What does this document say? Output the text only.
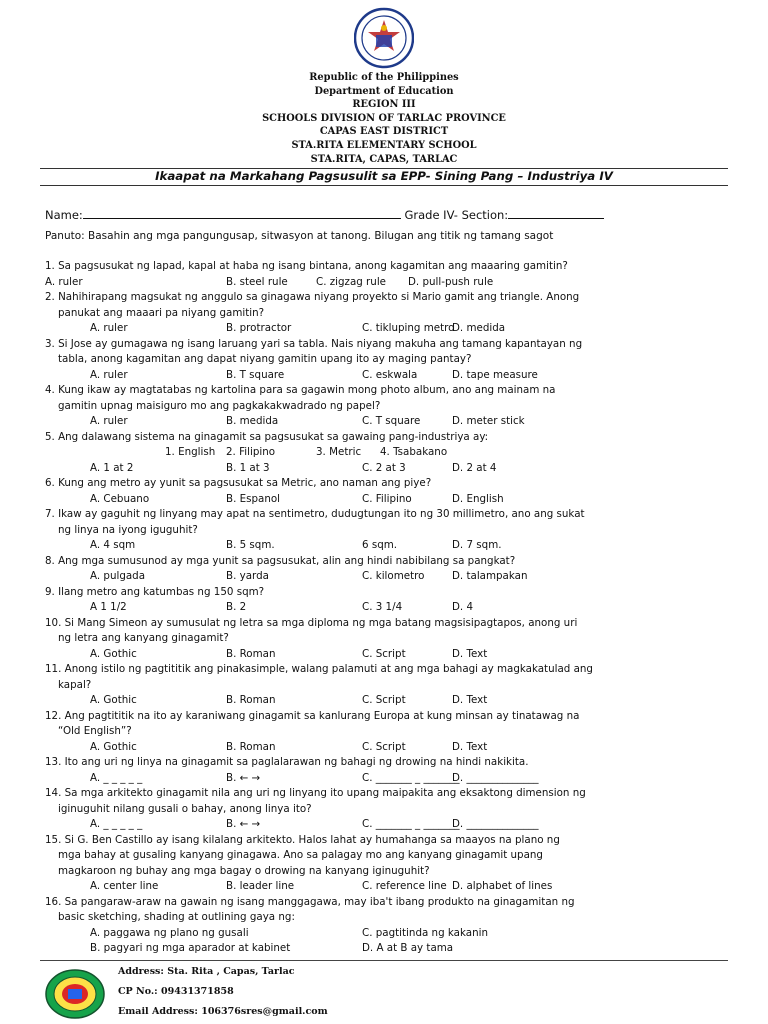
Republic of the Philippines
Department of Education
REGION III
SCHOOLS DIVISION OF TARLAC PROVINCE
CAPAS EAST DISTRICT
STA.RITA ELEMENTARY SCHOOL
STA.RITA, CAPAS, TARLAC
Ikaapat na Markahang Pagsusulit sa EPP- Sining Pang – Industriya IV
Name:	Grade IV- Section:
Panuto: Basahin ang mga pangungusap, sitwasyon at tanong. Bilugan ang titik ng tamang sagot
1. Sa pagsusukat ng lapad, kapal at haba ng isang bintana, anong kagamitan ang maaaring gamitin?
A. ruler	B. steel rule	C. zigzag rule D. pull-push rule
2. Nahihirapang magsukat ng anggulo sa ginagawa niyang proyekto si Mario gamit ang triangle. Anong
panukat ang maaari pa niyang gamitin?
A. ruler	B. protractor	C. tikluping metro
D. medida
3. Si Jose ay gumagawa ng isang laruang yari sa tabla. Nais niyang makuha ang tamang kapantayan ng
tabla, anong kagamitan ang dapat niyang gamitin upang ito ay maging pantay?
A. ruler	B. T square	C. eskwala	D. tape measure
4. Kung ikaw ay magtatabas ng kartolina para sa gagawin mong photo album, ano ang mainam na
gamitin upnag maisiguro mo ang pagkakakwadrado ng papel?
A. ruler	B. medida	C. T square	D. meter stick
5. Ang dalawang sistema na ginagamit sa pagsusukat sa gawaing pang-industriya ay:
1. English 2. Filipino	3. Metric 4. Tsabakano
A. 1 at 2	B. 1 at 3	C. 2 at 3	D. 2 at 4
6. Kung ang metro ay yunit sa pagsusukat sa Metric, ano naman ang piye?
A. Cebuano	B. Espanol	C. Filipino	D. English
7. Ikaw ay gaguhit ng linyang may apat na sentimetro, dudugtungan ito ng 30 millimetro, ano ang sukat
ng linya na iyong iguguhit?
A. 4 sqm	B. 5 sqm.	6 sqm.	D. 7 sqm.
8. Ang mga sumusunod ay mga yunit sa pagsusukat, alin ang hindi nabibilang sa pangkat?
A. pulgada	B. yarda	C. kilometro	D. talampakan
9. Ilang metro ang katumbas ng 150 sqm?
A 1 1/2	B. 2	C. 3 1/4	D. 4
10. Si Mang Simeon ay sumusulat ng letra sa mga diploma ng mga batang magsisipagtapos, anong uri
ng letra ang kanyang ginagamit?
A. Gothic	B. Roman	C. Script	D. Text
11. Anong istilo ng pagtititik ang pinakasimple, walang palamuti at ang mga bahagi ay magkakatulad ang
kapal?
A. Gothic	B. Roman	C. Script	D. Text
12. Ang pagtititik na ito ay karaniwang ginagamit sa kanlurang Europa at kung minsan ay tinatawag na
“Old English”?
A. Gothic	B. Roman	C. Script	D. Text
13. Ito ang uri ng linya na ginagamit sa paglalarawan ng bahagi ng drowing na hindi nakikita.
A. _ _ _ _ _	B. ← →	C. _______ _ _______
D. ______________
14. Sa mga arkitekto ginagamit nila ang uri ng linyang ito upang maipakita ang eksaktong dimension ng
iginuguhit nilang gusali o bahay, anong linya ito?
A. _ _ _ _ _	B. ← →	C. _______ _ _______
D. ______________
15. Si G. Ben Castillo ay isang kilalang arkitekto. Halos lahat ay humahanga sa maayos na plano ng
mga bahay at gusaling kanyang ginagawa. Ano sa palagay mo ang kanyang ginagamit upang
magkaroon ng buhay ang mga bagay o drowing na kanyang iginuguhit?
A. center line	B. leader line	C. reference line D. alphabet of lines
16. Sa pangaraw-araw na gawain ng isang manggagawa, may iba't ibang produkto na ginagamitan ng
basic sketching, shading at outlining gaya ng:
A. paggawa ng plano ng gusali	C. pagtitinda ng kakanin
B. pagyari ng mga aparador at kabinet	D. A at B ay tama
Address: Sta. Rita , Capas, Tarlac
CP No.: 09431371858
Email Address: 106376sres@gmail.com
